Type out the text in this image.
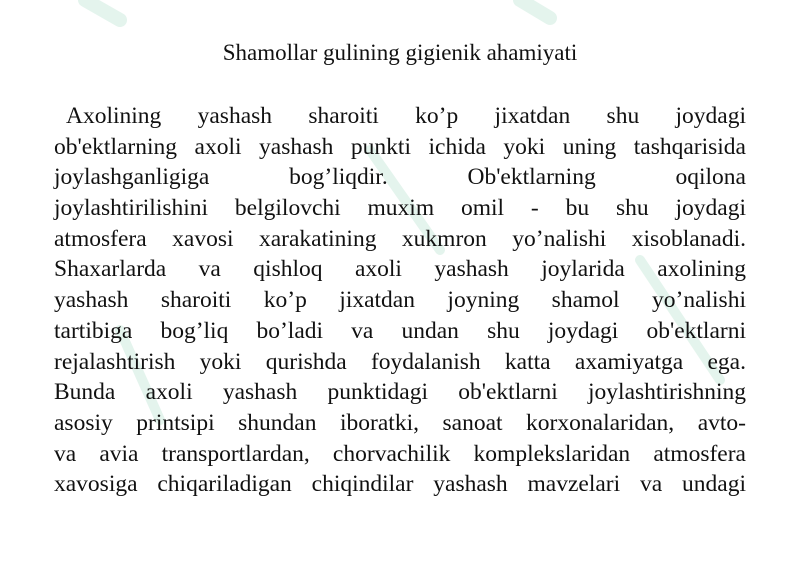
Shamollar gulining gigienik ahamiyati
Axolining yashash sharoiti ko’p jixatdan shu joydagi
ob'ektlarning axoli yashash punkti ichida yoki uning tashqarisida
joylashganligiga bog’liqdir. Ob'ektlarning oqilona
joylashtirilishini belgilovchi muxim omil - bu shu joydagi
atmosfera xavosi xarakatining xukmron yo’nalishi xisoblanadi.
Shaxarlarda va qishloq axoli yashash joylarida axolining
yashash sharoiti ko’p jixatdan joyning shamol yo’nalishi
tartibiga bog’liq bo’ladi va undan shu joydagi ob'ektlarni
rejalashtirish yoki qurishda foydalanish katta axamiyatga ega.
Bunda axoli yashash punktidagi ob'ektlarni joylashtirishning
asosiy printsipi shundan iboratki, sanoat korxonalaridan, avto-
va avia transportlardan, chorvachilik komplekslaridan atmosfera
xavosiga chiqariladigan chiqindilar yashash mavzelari va undagi
